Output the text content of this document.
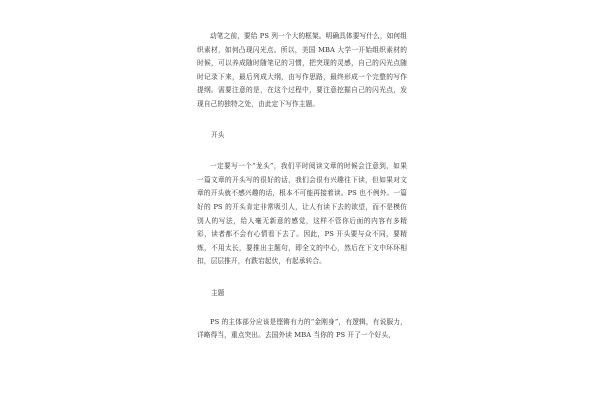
动笔之前，要给 PS 列一个大的框架。明确具体要写什么，如何组织素材，如何凸现闪光点。所以，美国 MBA 大学一开始组织素材的时候，可以养成随时随笔记的习惯，把突现的灵感，自己的闪光点随时记录下来，最后列成大纲，由写作思路，最终形成一个完整的写作提纲。需要注意的是，在这个过程中，要注意挖掘自己的闪光点，发现自己的独特之处，由此定下写作主题。

开头

一定要写一个“龙头”，我们平时阅读文章的时候会注意到，如果一篇文章的开头写的很好的话，我们会很有兴趣往下读，但如果对文章的开头就不感兴趣的话，根本不可能再接着读。PS 也不例外。一篇好的 PS 的开头肯定非常吸引人，让人有读下去的欲望，而不是模仿别人的写法，给人毫无新意的感觉，这样不管你后面的内容有多精彩，读者都不会有心情看下去了。因此，PS 开头要与众不同，要精炼，不用太长，要推出主题句，即全文的中心，然后在下文中环环相扣，层层推开，有跌宕起伏，有起承转合。

主题

PS 的主体部分应该是铿锵有力的“金刚身”，有逻辑，有说服力，详略得当，重点突出。去国外读 MBA 当你的 PS 开了一个好头，
